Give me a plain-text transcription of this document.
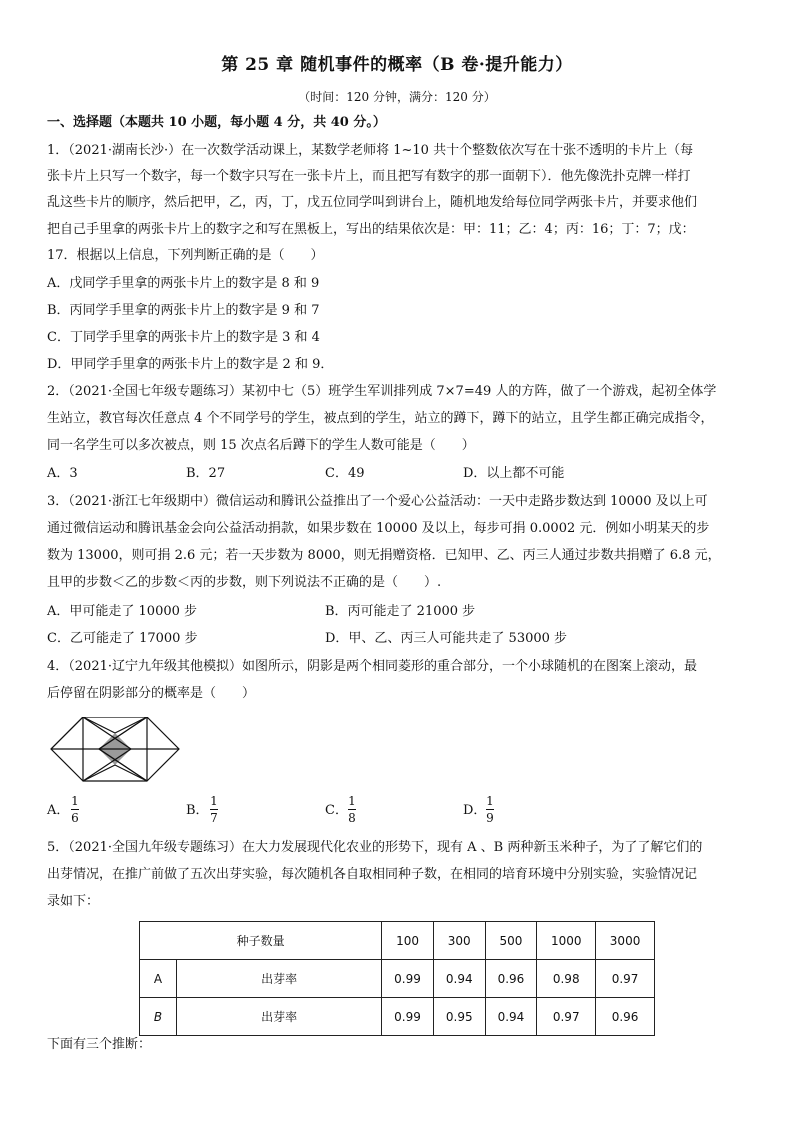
第 25 章 随机事件的概率（B 卷·提升能力）
（时间：120 分钟，满分：120 分）
一、选择题（本题共 10 小题，每小题 4 分，共 40 分。）
1．（2021·湖南长沙·）在一次数学活动课上，某数学老师将 1~10 共十个整数依次写在十张不透明的卡片上（每
张卡片上只写一个数字，每一个数字只写在一张卡片上，而且把写有数字的那一面朝下）．他先像洗扑克牌一样打
乱这些卡片的顺序，然后把甲，乙，丙，丁，戊五位同学叫到讲台上，随机地发给每位同学两张卡片，并要求他们
把自己手里拿的两张卡片上的数字之和写在黑板上，写出的结果依次是：甲：11；乙：4；丙：16；丁：7；戊：
17．根据以上信息，下列判断正确的是（　　）
A．戊同学手里拿的两张卡片上的数字是 8 和 9
B．丙同学手里拿的两张卡片上的数字是 9 和 7
C．丁同学手里拿的两张卡片上的数字是 3 和 4
D．甲同学手里拿的两张卡片上的数字是 2 和 9．
2．（2021·全国七年级专题练习）某初中七（5）班学生军训排列成 7×7=49 人的方阵，做了一个游戏，起初全体学
生站立，教官每次任意点 4 个不同学号的学生，被点到的学生，站立的蹲下，蹲下的站立，且学生都正确完成指令，
同一名学生可以多次被点，则 15 次点名后蹲下的学生人数可能是（　　）
A．3	B．27	C．49	D．以上都不可能
3．（2021·浙江七年级期中）微信运动和腾讯公益推出了一个爱心公益活动：一天中走路步数达到 10000 及以上可
通过微信运动和腾讯基金会向公益活动捐款，如果步数在 10000 及以上，每步可捐 0.0002 元．例如小明某天的步
数为 13000，则可捐 2.6 元；若一天步数为 8000，则无捐赠资格．已知甲、乙、丙三人通过步数共捐赠了 6.8 元，
且甲的步数＜乙的步数＜丙的步数，则下列说法不正确的是（　　）.
A．甲可能走了 10000 步	B．丙可能走了 21000 步
C．乙可能走了 17000 步	D．甲、乙、丙三人可能共走了 53000 步
4．（2021·辽宁九年级其他模拟）如图所示，阴影是两个相同菱形的重合部分，一个小球随机的在图案上滚动，最
后停留在阴影部分的概率是（　　）
A．
1
6	B．
1
7	C．
1
8	D．
1
9
5．（2021·全国九年级专题练习）在大力发展现代化农业的形势下，现有 A 、B 两种新玉米种子，为了了解它们的
出芽情况，在推广前做了五次出芽实验，每次随机各自取相同种子数，在相同的培育环境中分别实验，实验情况记
录如下：
种子数量		100	300	500	1000	3000
A	出芽率	0.99	0.94	0.96	0.98	0.97
B	出芽率	0.99	0.95	0.94	0.97	0.96
下面有三个推断：
